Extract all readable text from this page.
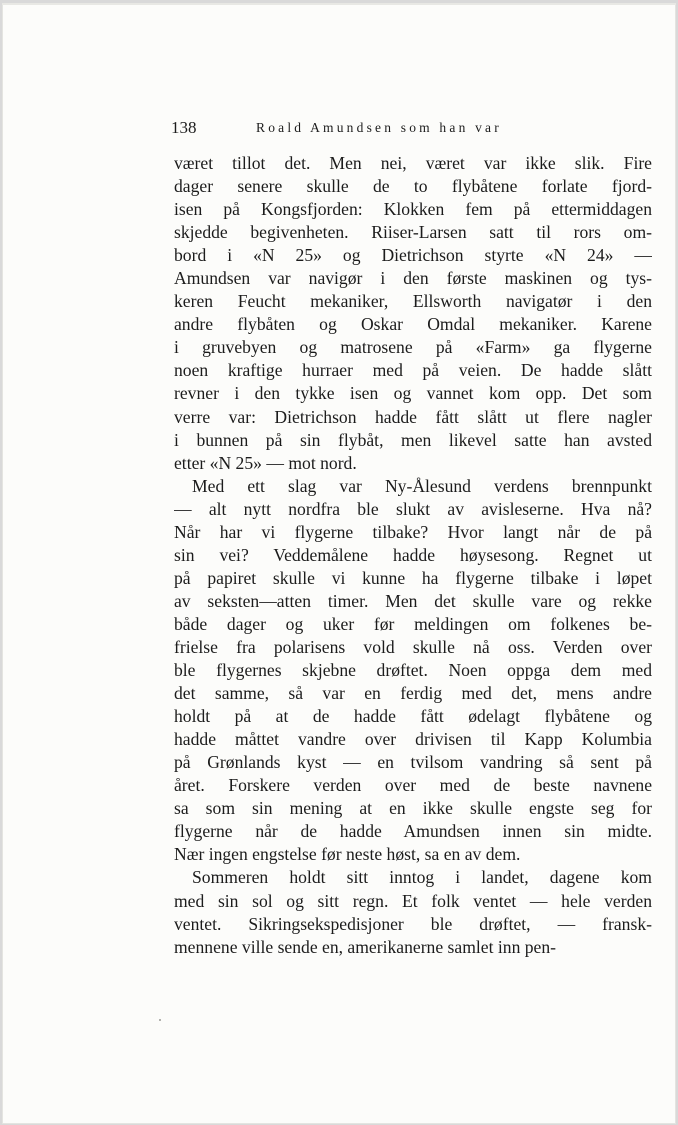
138	Roald Amundsen som han var

været tillot det. Men nei, været var ikke slik. Fire
dager senere skulle de to flybåtene forlate fjord-
isen på Kongsfjorden: Klokken fem på ettermiddagen
skjedde begivenheten. Riiser-Larsen satt til rors om-
bord i «N 25» og Dietrichson styrte «N 24» —
Amundsen var navigør i den første maskinen og tys-
keren Feucht mekaniker, Ellsworth navigatør i den
andre flybåten og Oskar Omdal mekaniker. Karene
i gruvebyen og matrosene på «Farm» ga flygerne
noen kraftige hurraer med på veien. De hadde slått
revner i den tykke isen og vannet kom opp. Det som
verre var: Dietrichson hadde fått slått ut flere nagler
i bunnen på sin flybåt, men likevel satte han avsted
etter «N 25» — mot nord.

Med ett slag var Ny-Ålesund verdens brennpunkt
— alt nytt nordfra ble slukt av avisleserne. Hva nå?
Når har vi flygerne tilbake? Hvor langt når de på
sin vei? Veddemålene hadde høysesong. Regnet ut
på papiret skulle vi kunne ha flygerne tilbake i løpet
av seksten—atten timer. Men det skulle vare og rekke
både dager og uker før meldingen om folkenes be-
frielse fra polarisens vold skulle nå oss. Verden over
ble flygernes skjebne drøftet. Noen oppga dem med
det samme, så var en ferdig med det, mens andre
holdt på at de hadde fått ødelagt flybåtene og
hadde måttet vandre over drivisen til Kapp Kolumbia
på Grønlands kyst — en tvilsom vandring så sent på
året. Forskere verden over med de beste navnene
sa som sin mening at en ikke skulle engste seg for
flygerne når de hadde Amundsen innen sin midte.
Nær ingen engstelse før neste høst, sa en av dem.

Sommeren holdt sitt inntog i landet, dagene kom
med sin sol og sitt regn. Et folk ventet — hele verden
ventet. Sikringsekspedisjoner ble drøftet, — fransk-
mennene ville sende en, amerikanerne samlet inn pen-
